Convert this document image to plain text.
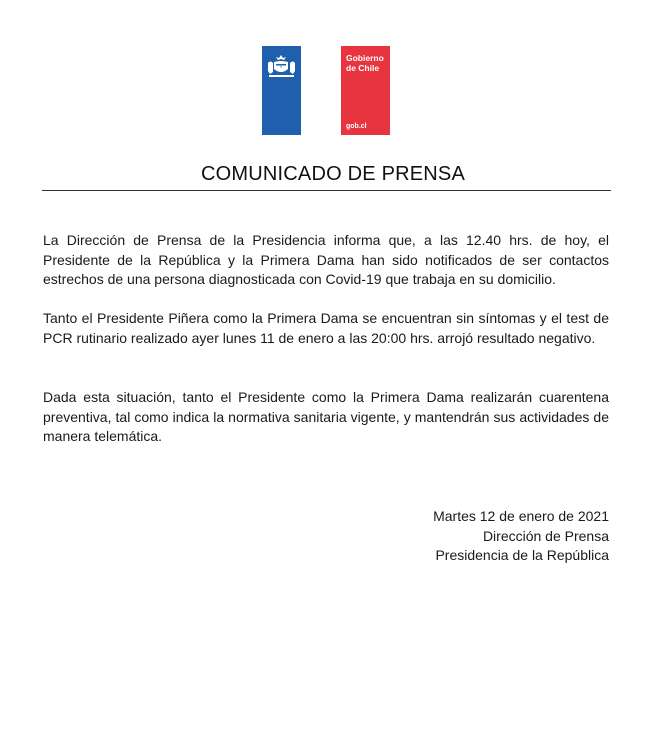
Gobierno de Chile
gob.cl
COMUNICADO DE PRENSA

La Dirección de Prensa de la Presidencia informa que, a las 12.40 hrs. de hoy, el Presidente de la República y la Primera Dama han sido notificados de ser contactos estrechos de una persona diagnosticada con Covid-19 que trabaja en su domicilio.

Tanto el Presidente Piñera como la Primera Dama se encuentran sin síntomas y el test de PCR rutinario realizado ayer lunes 11 de enero a las 20:00 hrs. arrojó resultado negativo.

Dada esta situación, tanto el Presidente como la Primera Dama realizarán cuarentena preventiva, tal como indica la normativa sanitaria vigente, y mantendrán sus actividades de manera telemática.

Martes 12 de enero de 2021
Dirección de Prensa
Presidencia de la República
